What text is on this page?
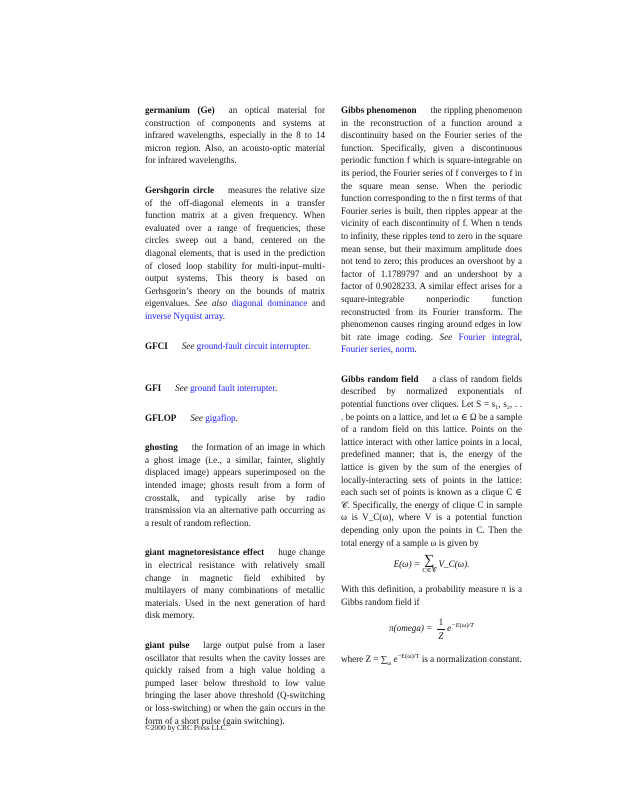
germanium (Ge) an optical material for construction of components and systems at infrared wavelengths, especially in the 8 to 14 micron region. Also, an acousto-optic material for infrared wavelengths.

Gershgorin circle measures the relative size of the off-diagonal elements in a transfer function matrix at a given frequency. When evaluated over a range of frequencies, these circles sweep out a band, centered on the diagonal elements, that is used in the prediction of closed loop stability for multi-input–multi-output systems. This theory is based on Gerhsgorin’s theory on the bounds of matrix eigenvalues. See also diagonal dominance and inverse Nyquist array.

GFCI See ground-fault circuit interrupter.

GFI See ground fault interrupter.

GFLOP See gigaflop.

ghosting the formation of an image in which a ghost image (i.e., a similar, fainter, slightly displaced image) appears superimposed on the intended image; ghosts result from a form of crosstalk, and typically arise by radio transmission via an alternative path occurring as a result of random reflection.

giant magnetoresistance effect huge change in electrical resistance with relatively small change in magnetic field exhibited by multilayers of many combinations of metallic materials. Used in the next generation of hard disk memory.

giant pulse large output pulse from a laser oscillator that results when the cavity losses are quickly raised from a high value holding a pumped laser below threshold to low value bringing the laser above threshold (Q-switching or loss-switching) or when the gain occurs in the form of a short pulse (gain switching).

Gibbs phenomenon the rippling phenomenon in the reconstruction of a function around a discontinuity based on the Fourier series of the function. Specifically, given a discontinuous periodic function f which is square-integrable on its period, the Fourier series of f converges to f in the square mean sense. When the periodic function corresponding to the n first terms of that Fourier series is built, then ripples appear at the vicinity of each discontinuity of f. When n tends to infinity, these ripples tend to zero in the square mean sense, but their maximum amplitude does not tend to zero; this produces an overshoot by a factor of 1.1789797 and an undershoot by a factor of 0.9028233. A similar effect arises for a square-integrable nonperiodic function reconstructed from its Fourier transform. The phenomenon causes ringing around edges in low bit rate image coding. See Fourier integral, Fourier series, norm.

Gibbs random field a class of random fields described by normalized exponentials of potential functions over cliques. Let S = s₁, s₂, . . . be points on a lattice, and let ω ∈ Ω be a sample of a random field on this lattice. Points on the lattice interact with other lattice points in a local, predefined manner; that is, the energy of the lattice is given by the sum of the energies of locally-interacting sets of points in the lattice: each such set of points is known as a clique C ∈ 𝒞. Specifically, the energy of clique C in sample ω is V_C(ω), where V is a potential function depending only upon the points in C. Then the total energy of a sample ω is given by

E(ω) = ∑
C∈𝒞
V_C(ω).

With this definition, a probability measure π is a Gibbs random field if

π(omega) = $\frac{1}{Z} e^{-E(\omega)/T}$

where $Z = \sum_\omega$ $e^{-E(\omega)/T}$ is a normalization constant.

©2000 by CRC Press LLC
